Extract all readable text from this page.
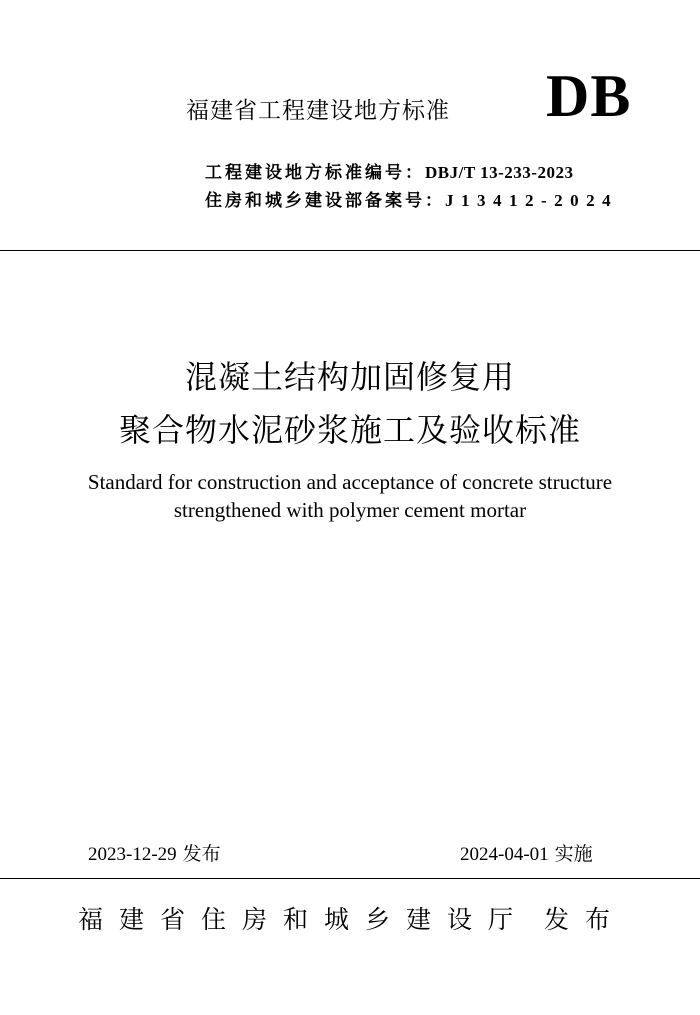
福建省工程建设地方标准 DB
工程建设地方标准编号：DBJ/T 13-233-2023
住房和城乡建设部备案号：J13412-2024
混凝土结构加固修复用
聚合物水泥砂浆施工及验收标准
Standard for construction and acceptance of concrete structure
strengthened with polymer cement mortar
2023-12-29 发布	2024-04-01 实施
福建省住房和城乡建设厅 发布
